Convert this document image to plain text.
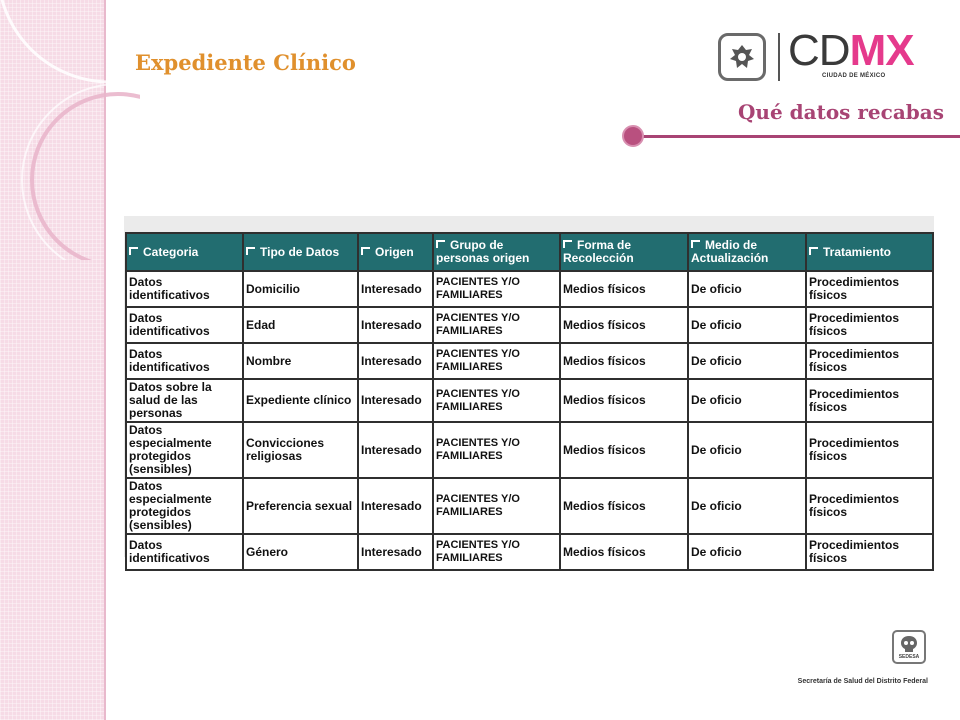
Expediente Clínico	CDMX
CIUDAD DE MÉXICO
Qué datos recabas
Categoria	Tipo de Datos	Origen	Grupo de personas origen	Forma de Recolección	Medio de Actualización	Tratamiento
Datos identificativos	Domicilio	Interesado	PACIENTES Y/O FAMILIARES	Medios físicos	De oficio	Procedimientos físicos
Datos identificativos	Edad	Interesado	PACIENTES Y/O FAMILIARES	Medios físicos	De oficio	Procedimientos físicos
Datos identificativos	Nombre	Interesado	PACIENTES Y/O FAMILIARES	Medios físicos	De oficio	Procedimientos físicos
Datos sobre la salud de las personas	Expediente clínico	Interesado	PACIENTES Y/O FAMILIARES	Medios físicos	De oficio	Procedimientos físicos
Datos especialmente protegidos (sensibles)	Convicciones religiosas	Interesado	PACIENTES Y/O FAMILIARES	Medios físicos	De oficio	Procedimientos físicos
Datos especialmente protegidos (sensibles)	Preferencia sexual	Interesado	PACIENTES Y/O FAMILIARES	Medios físicos	De oficio	Procedimientos físicos
Datos identificativos	Género	Interesado	PACIENTES Y/O FAMILIARES	Medios físicos	De oficio	Procedimientos físicos
SEDESA
Secretaría de Salud del Distrito Federal
